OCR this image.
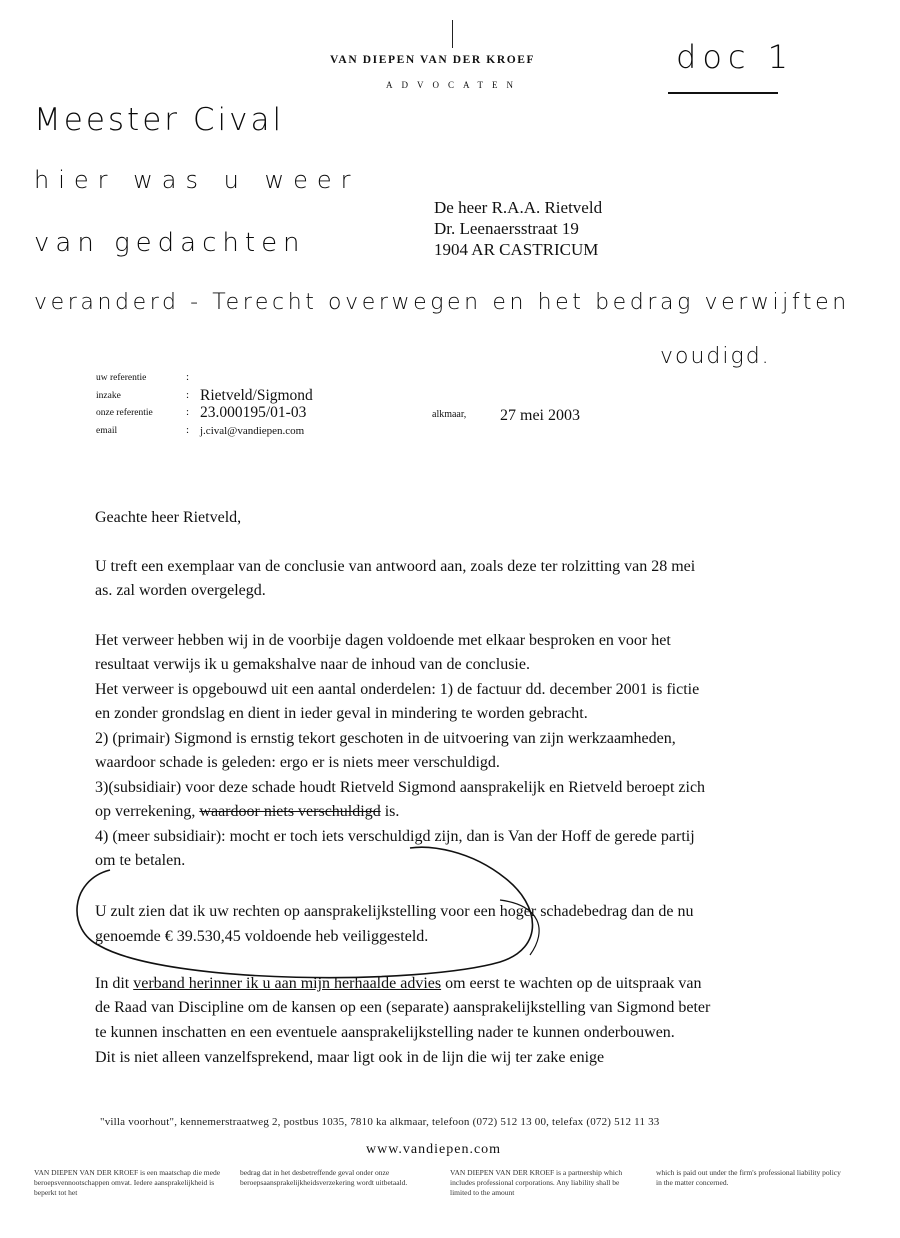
VAN DIEPEN VAN DER KROEF
ADVOCATEN
doc 1
Meester Cival
hier was u weer
van gedachten
veranderd - Terecht overwegen en het bedrag verwijften
voudigd.
De heer R.A.A. Rietveld
Dr. Leenaersstraat 19
1904 AR CASTRICUM
uw referentie	:
inzake	: Rietveld/Sigmond
onze referentie	: 23.000195/01-03
email	: j.cival@vandiepen.com
alkmaar, 27 mei 2003
Geachte heer Rietveld,
U treft een exemplaar van de conclusie van antwoord aan, zoals deze ter rolzitting van 28 mei
as. zal worden overgelegd.
Het verweer hebben wij in de voorbije dagen voldoende met elkaar besproken en voor het
resultaat verwijs ik u gemakshalve naar de inhoud van de conclusie.
Het verweer is opgebouwd uit een aantal onderdelen: 1) de factuur dd. december 2001 is fictie
en zonder grondslag en dient in ieder geval in mindering te worden gebracht.
2) (primair) Sigmond is ernstig tekort geschoten in de uitvoering van zijn werkzaamheden,
waardoor schade is geleden: ergo er is niets meer verschuldigd.
3)(subsidiair) voor deze schade houdt Rietveld Sigmond aansprakelijk en Rietveld beroept zich
op verrekening, waardoor niets verschuldigd is.
4) (meer subsidiair): mocht er toch iets verschuldigd zijn, dan is Van der Hoff de gerede partij
om te betalen.
U zult zien dat ik uw rechten op aansprakelijkstelling voor een hoger schadebedrag dan de nu
genoemde € 39.530,45 voldoende heb veiliggesteld.
In dit verband herinner ik u aan mijn herhaalde advies om eerst te wachten op de uitspraak van
de Raad van Discipline om de kansen op een (separate) aansprakelijkstelling van Sigmond beter
te kunnen inschatten en een eventuele aansprakelijkstelling nader te kunnen onderbouwen.
Dit is niet alleen vanzelfsprekend, maar ligt ook in de lijn die wij ter zake enige
"villa voorhout", kennemerstraatweg 2, postbus 1035, 7810 ka alkmaar, telefoon (072) 512 13 00, telefax (072) 512 11 33
www.vandiepen.com
VAN DIEPEN VAN DER KROEF is een maatschap die mede beroepsvennootschappen omvat. Iedere aansprakelijkheid is beperkt tot het
bedrag dat in het desbetreffende geval onder onze beroepsaansprakelijkheidsverzekering wordt uitbetaald.
VAN DIEPEN VAN DER KROEF is a partnership which includes professional corporations. Any liability shall be limited to the amount
which is paid out under the firm's professional liability policy in the matter concerned.
